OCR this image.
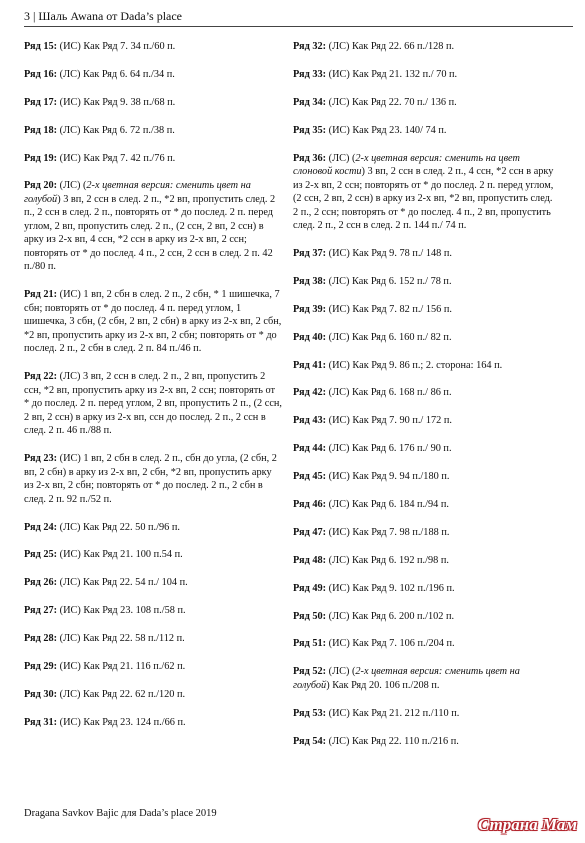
3 | Шаль Awana от Dada’s place

Ряд 15: (ИС) Как Ряд 7. 34 п./60 п.

Ряд 16: (ЛС) Как Ряд 6. 64 п./34 п.

Ряд 17: (ИС) Как Ряд 9. 38 п./68 п.

Ряд 18: (ЛС) Как Ряд 6. 72 п./38 п.

Ряд 19: (ИС) Как Ряд 7. 42 п./76 п.

Ряд 20: (ЛС) (2-х цветная версия: сменить цвет на голубой) 3 вп, 2 ссн в след. 2 п., *2 вп, пропустить след. 2 п., 2 ссн в след. 2 п., повторять от * до послед. 2 п. перед углом, 2 вп, пропустить след. 2 п., (2 ссн, 2 вп, 2 ссн) в арку из 2-х вп, 4 ссн, *2 ссн в арку из 2-х вп, 2 ссн; повторять от * до послед. 4 п., 2 ссн, 2 ссн в след. 2 п. 42 п./80 п.

Ряд 21: (ИС) 1 вп, 2 сбн в след. 2 п., 2 сбн, * 1 шишечка, 7 сбн; повторять от * до послед. 4 п. перед углом, 1 шишечка, 3 сбн, (2 сбн, 2 вп, 2 сбн) в арку из 2-х вп, 2 сбн, *2 вп, пропустить арку из 2-х вп, 2 сбн; повторять от * до послед. 2 п., 2 сбн в след. 2 п. 84 п./46 п.

Ряд 22: (ЛС) 3 вп, 2 ссн в след. 2 п., 2 вп, пропустить 2 ссн, *2 вп, пропустить арку из 2-х вп, 2 ссн; повторять от * до послед. 2 п. перед углом, 2 вп, пропустить 2 п., (2 ссн, 2 вп, 2 ссн) в арку из 2-х вп, ссн до послед. 2 п., 2 ссн в след. 2 п. 46 п./88 п.

Ряд 23: (ИС) 1 вп, 2 сбн в след. 2 п., сбн до угла, (2 сбн, 2 вп, 2 сбн) в арку из 2-х вп, 2 сбн, *2 вп, пропустить арку из 2-х вп, 2 сбн; повторять от * до послед. 2 п., 2 сбн в след. 2 п. 92 п./52 п.

Ряд 24: (ЛС) Как Ряд 22. 50 п./96 п.

Ряд 25: (ИС) Как Ряд 21. 100 п.54 п.

Ряд 26: (ЛС) Как Ряд 22. 54 п./ 104 п.

Ряд 27: (ИС) Как Ряд 23. 108 п./58 п.

Ряд 28: (ЛС) Как Ряд 22. 58 п./112 п.

Ряд 29: (ИС) Как Ряд 21. 116 п./62 п.

Ряд 30: (ЛС) Как Ряд 22. 62 п./120 п.

Ряд 31: (ИС) Как Ряд 23. 124 п./66 п.

Ряд 32: (ЛС) Как Ряд 22. 66 п./128 п.

Ряд 33: (ИС) Как Ряд 21. 132 п./ 70 п.

Ряд 34: (ЛС) Как Ряд 22. 70 п./ 136 п.

Ряд 35: (ИС) Как Ряд 23. 140/ 74 п.

Ряд 36: (ЛС) (2-х цветная версия: сменить на цвет слоновой кости) 3 вп, 2 ссн в след. 2 п., 4 ссн, *2 ссн в арку из 2-х вп, 2 ссн; повторять от * до послед. 2 п. перед углом, (2 ссн, 2 вп, 2 ссн) в арку из 2-х вп, *2 вп, пропустить след. 2 п., 2 ссн; повторять от * до послед. 4 п., 2 вп, пропустить след. 2 п., 2 ссн в след. 2 п. 144 п./ 74 п.

Ряд 37: (ИС) Как Ряд 9. 78 п./ 148 п.

Ряд 38: (ЛС) Как Ряд 6. 152 п./ 78 п.

Ряд 39: (ИС) Как Ряд 7. 82 п./ 156 п.

Ряд 40: (ЛС) Как Ряд 6. 160 п./ 82 п.

Ряд 41: (ИС) Как Ряд 9. 86 п.; 2. сторона: 164 п.

Ряд 42: (ЛС) Как Ряд 6. 168 п./ 86 п.

Ряд 43: (ИС) Как Ряд 7. 90 п./ 172 п.

Ряд 44: (ЛС) Как Ряд 6. 176 п./ 90 п.

Ряд 45: (ИС) Как Ряд 9. 94 п./180 п.

Ряд 46: (ЛС) Как Ряд 6. 184 п./94 п.

Ряд 47: (ИС) Как Ряд 7. 98 п./188 п.

Ряд 48: (ЛС) Как Ряд 6. 192 п./98 п.

Ряд 49: (ИС) Как Ряд 9. 102 п./196 п.

Ряд 50: (ЛС) Как Ряд 6. 200 п./102 п.

Ряд 51: (ИС) Как Ряд 7. 106 п./204 п.

Ряд 52: (ЛС) (2-х цветная версия: сменить цвет на голубой) Как Ряд 20. 106 п./208 п.

Ряд 53: (ИС) Как Ряд 21. 212 п./110 п.

Ряд 54: (ЛС) Как Ряд 22. 110 п./216 п.

Dragana Savkov Bajic для Dada’s place 2019
Страна Мам
